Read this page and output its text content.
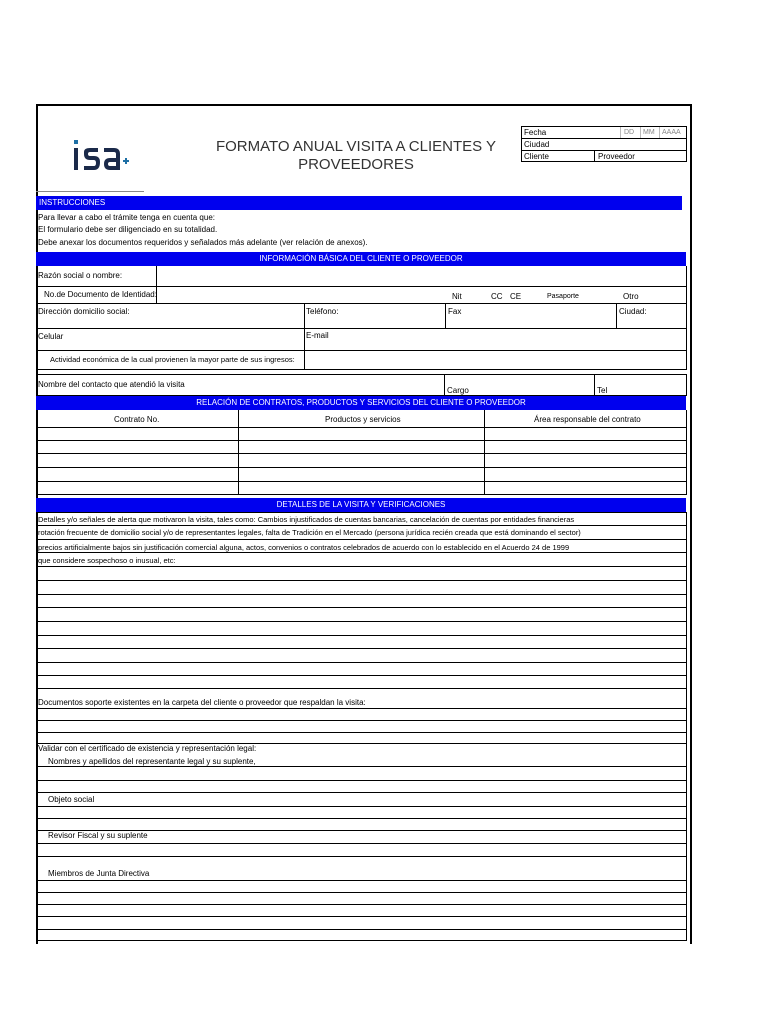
FORMATO ANUAL VISITA A CLIENTES Y PROVEEDORES
Fecha	DD MM AAAA
Ciudad
Cliente	Proveedor
INSTRUCCIONES
Para llevar a cabo el trámite tenga en cuenta que:
El formulario debe ser diligenciado en su totalidad.
Debe anexar los documentos requeridos y señalados más adelante (ver relación de anexos).
INFORMACIÓN BÁSICA DEL CLIENTE O PROVEEDOR
Razón social o nombre:
No.de Documento de Identidad:	Nit	CC CE	Pasaporte	Otro
Dirección domicilio social:	Teléfono:	Fax	Ciudad:
Celular	E-mail
Actividad económica de la cual provienen la mayor parte de sus ingresos:
Nombre del contacto que atendió la visita
Cargo	Tel
RELACIÓN DE CONTRATOS, PRODUCTOS Y SERVICIOS DEL CLIENTE O PROVEEDOR
Contrato No.	Productos y servicios	Área responsable del contrato
DETALLES DE LA VISITA Y VERIFICACIONES
Detalles y/o señales de alerta que motivaron la visita, tales como: Cambios injustificados de cuentas bancarias, cancelación de cuentas por entidades financieras
rotación frecuente de domicilio social y/o de representantes legales, falta de Tradición en el Mercado (persona jurídica recién creada que está dominando el sector)
precios artificialmente bajos sin justificación comercial alguna, actos, convenios o contratos celebrados de acuerdo con lo establecido en el Acuerdo 24 de 1999
que considere sospechoso o inusual, etc:
Documentos soporte existentes en la carpeta del cliente o proveedor que respaldan la visita:
Validar con el certificado de existencia y representación legal:
Nombres y apellidos del representante legal y su suplente,
Objeto social
Revisor Fiscal y su suplente
Miembros de Junta Directiva
